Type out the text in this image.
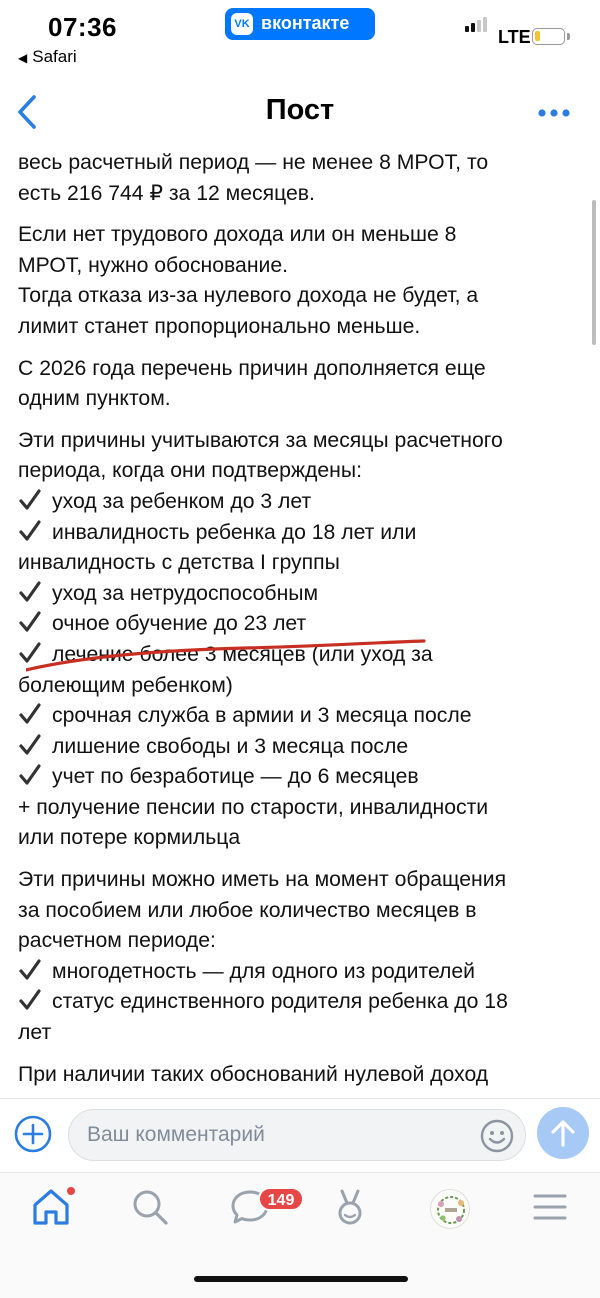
07:36
◀ Safari
VK вконтакте
LTE
Пост

весь расчетный период — не менее 8 МРОТ, то
есть 216 744 ₽ за 12 месяцев.

Если нет трудового дохода или он меньше 8
МРОТ, нужно обоснование.
Тогда отказа из-за нулевого дохода не будет, а
лимит станет пропорционально меньше.

С 2026 года перечень причин дополняется еще
одним пунктом.

Эти причины учитываются за месяцы расчетного
периода, когда они подтверждены:
уход за ребенком до 3 лет
инвалидность ребенка до 18 лет или
инвалидность с детства I группы
уход за нетрудоспособным
очное обучение до 23 лет
лечение более 3 месяцев (или уход за
болеющим ребенком)
срочная служба в армии и 3 месяца после
лишение свободы и 3 месяца после
учет по безработице — до 6 месяцев
+ получение пенсии по старости, инвалидности
или потере кормильца

Эти причины можно иметь на момент обращения
за пособием или любое количество месяцев в
расчетном периоде:
многодетность — для одного из родителей
статус единственного родителя ребенка до 18
лет

При наличии таких обоснований нулевой доход

Ваш комментарий
149
